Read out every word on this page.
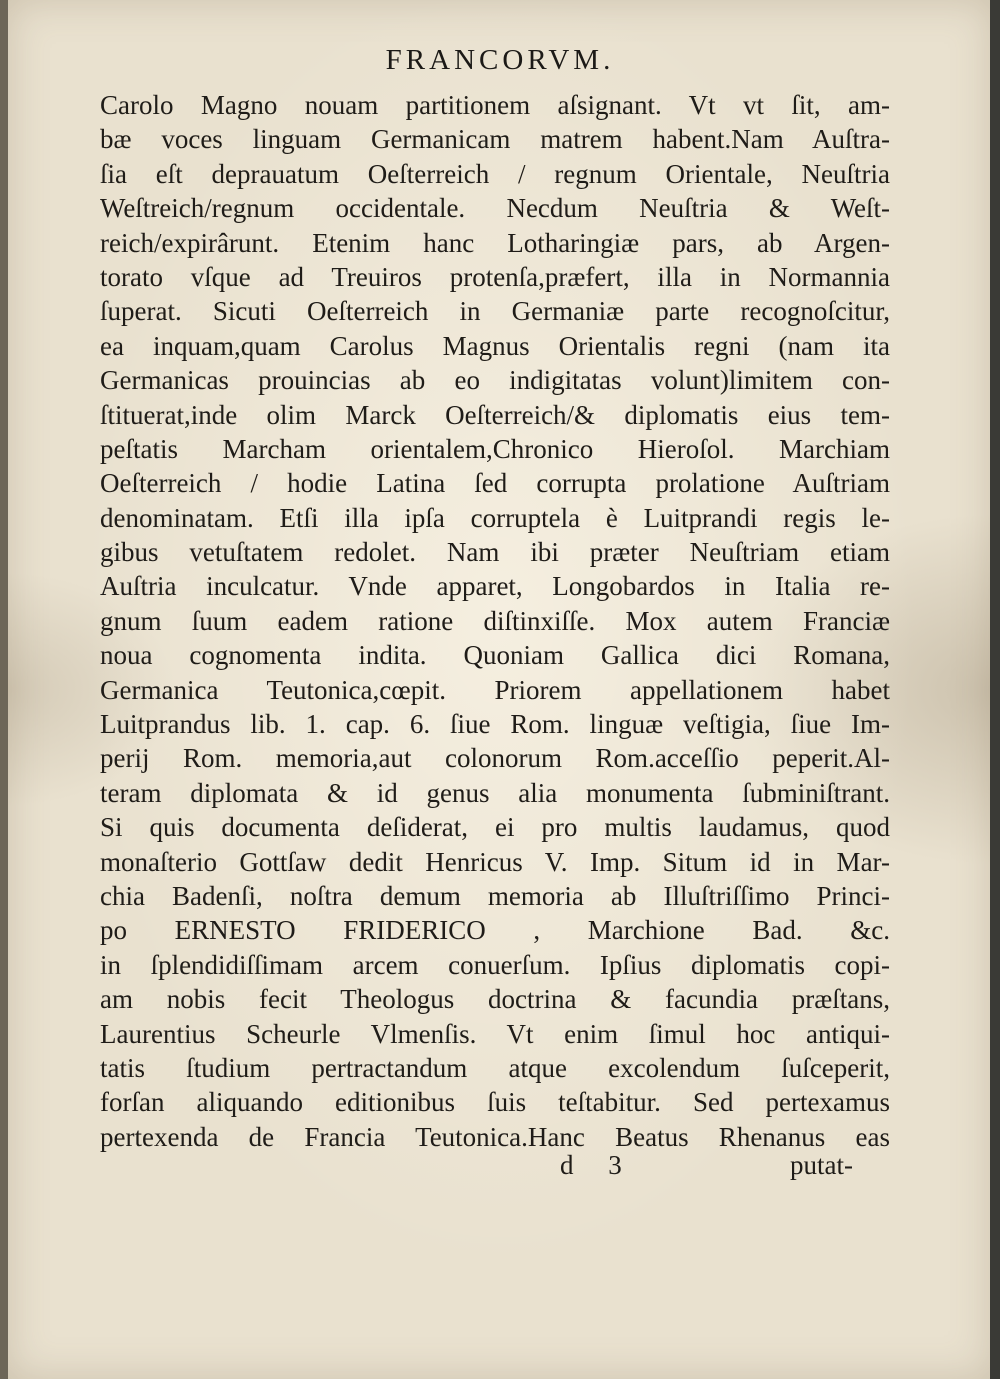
FRANCORVM.
Carolo Magno nouam partitionem aſsignant. Vt vt ſit, am-
bæ voces linguam Germanicam matrem habent.Nam Auſtra-
ſia eſt deprauatum Oeſterreich / regnum Orientale, Neuſtria
Weſtreich/regnum occidentale. Necdum Neuſtria & Weſt-
reich/expirârunt. Etenim hanc Lotharingiæ pars, ab Argen-
torato vſque ad Treuiros protenſa,præfert, illa in Normannia
ſuperat. Sicuti Oeſterreich in Germaniæ parte recognoſcitur,
ea inquam,quam Carolus Magnus Orientalis regni (nam ita
Germanicas prouincias ab eo indigitatas volunt)limitem con-
ſtituerat,inde olim Marck Oeſterreich/& diplomatis eius tem-
peſtatis Marcham orientalem,Chronico Hieroſol. Marchiam
Oeſterreich / hodie Latina ſed corrupta prolatione Auſtriam
denominatam. Etſi illa ipſa corruptela è Luitprandi regis le-
gibus vetuſtatem redolet. Nam ibi præter Neuſtriam etiam
Auſtria inculcatur. Vnde apparet, Longobardos in Italia re-
gnum ſuum eadem ratione diſtinxiſſe. Mox autem Franciæ
noua cognomenta indita. Quoniam Gallica dici Romana,
Germanica Teutonica,cœpit. Priorem appellationem habet
Luitprandus lib. 1. cap. 6. ſiue Rom. linguæ veſtigia, ſiue Im-
perij Rom. memoria,aut colonorum Rom.acceſſio peperit.Al-
teram diplomata & id genus alia monumenta ſubminiſtrant.
Si quis documenta deſiderat, ei pro multis laudamus, quod
monaſterio Gottſaw dedit Henricus V. Imp. Situm id in Mar-
chia Badenſi, noſtra demum memoria ab Illuſtriſſimo Princi-
po ERNESTO FRIDERICO , Marchione Bad. &c.
in ſplendidiſſimam arcem conuerſum. Ipſius diplomatis copi-
am nobis fecit Theologus doctrina & facundia præſtans,
Laurentius Scheurle Vlmenſis. Vt enim ſimul hoc antiqui-
tatis ſtudium pertractandum atque excolendum ſuſceperit,
forſan aliquando editionibus ſuis teſtabitur. Sed pertexamus
pertexenda de Francia Teutonica.Hanc Beatus Rhenanus eas
d 3	putat-
